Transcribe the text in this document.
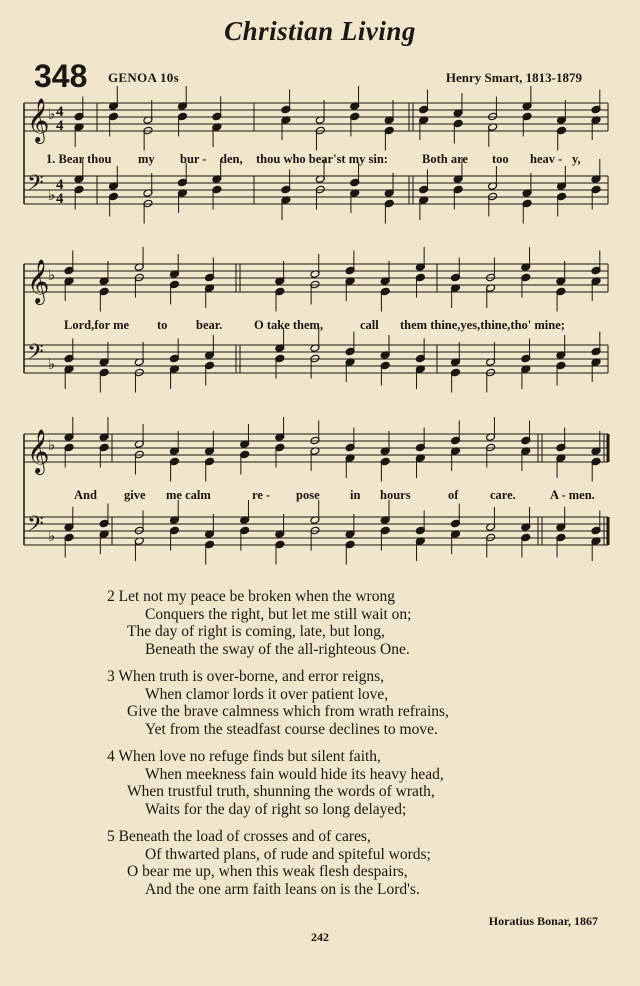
Christian Living
348 GENOA 10s	Henry Smart, 1813-1879
𝄞
♭ 4
4
𝄢 ♭
4
4
𝄞
♭
𝄢 ♭
𝄞
♭
𝄢 ♭
1. Bear thou my bur - den, thou who bear'st my sin:	Both are too heav - y,
Lord,for me to bear.	O take them,	call them thine,yes,thine,tho' mine;
And give me calm	re - pose in hours	of	care.	A - men.
2 Let not my peace be broken when the wrong
Conquers the right, but let me still wait on;
The day of right is coming, late, but long,
Beneath the sway of the all-righteous One.
3 When truth is over-borne, and error reigns,
When clamor lords it over patient love,
Give the brave calmness which from wrath refrains,
Yet from the steadfast course declines to move.
4 When love no refuge finds but silent faith,
When meekness fain would hide its heavy head,
When trustful truth, shunning the words of wrath,
Waits for the day of right so long delayed;
5 Beneath the load of crosses and of cares,
Of thwarted plans, of rude and spiteful words;
O bear me up, when this weak flesh despairs,
And the one arm faith leans on is the Lord's.
Horatius Bonar, 1867
242
